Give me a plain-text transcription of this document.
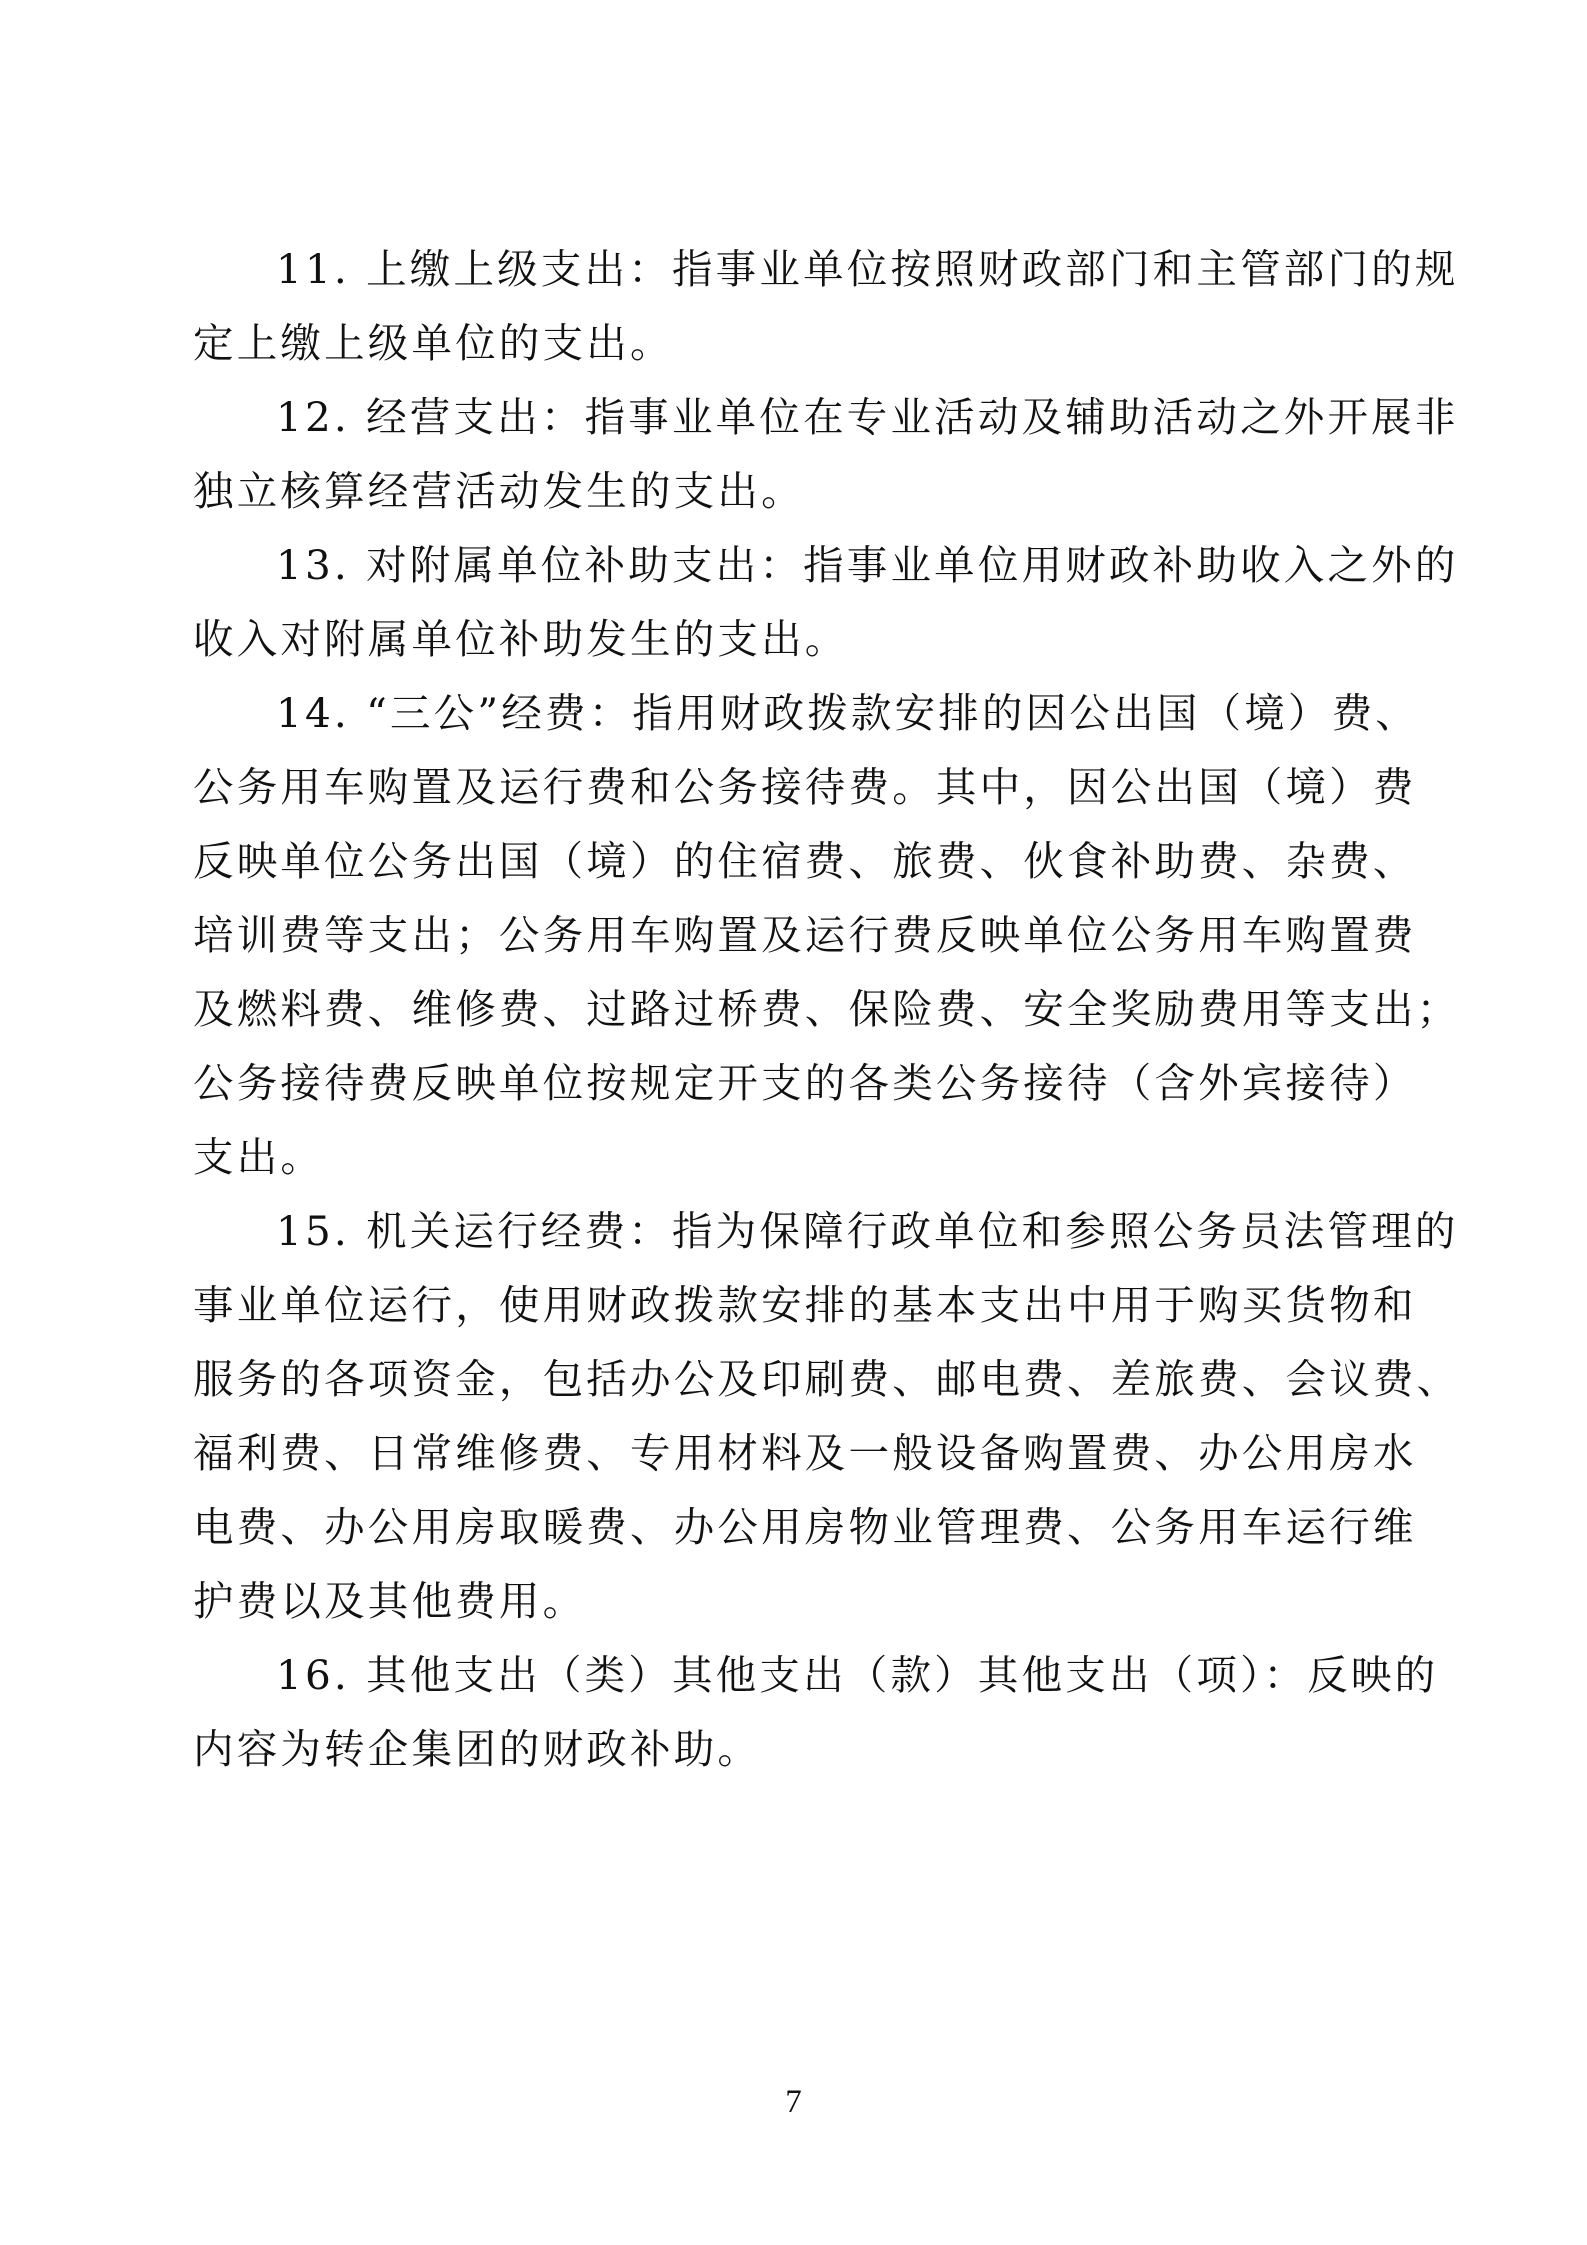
11. 上缴上级支出：指事业单位按照财政部门和主管部门的规
定上缴上级单位的支出。
12. 经营支出：指事业单位在专业活动及辅助活动之外开展非
独立核算经营活动发生的支出。
13. 对附属单位补助支出：指事业单位用财政补助收入之外的
收入对附属单位补助发生的支出。
14. “三公”经费：指用财政拨款安排的因公出国（境）费、
公务用车购置及运行费和公务接待费。其中，因公出国（境）费
反映单位公务出国（境）的住宿费、旅费、伙食补助费、杂费、
培训费等支出；公务用车购置及运行费反映单位公务用车购置费
及燃料费、维修费、过路过桥费、保险费、安全奖励费用等支出；
公务接待费反映单位按规定开支的各类公务接待（含外宾接待）
支出。
15. 机关运行经费：指为保障行政单位和参照公务员法管理的
事业单位运行，使用财政拨款安排的基本支出中用于购买货物和
服务的各项资金，包括办公及印刷费、邮电费、差旅费、会议费、
福利费、日常维修费、专用材料及一般设备购置费、办公用房水
电费、办公用房取暖费、办公用房物业管理费、公务用车运行维
护费以及其他费用。
16. 其他支出（类）其他支出（款）其他支出（项）：反映的
内容为转企集团的财政补助。
7
